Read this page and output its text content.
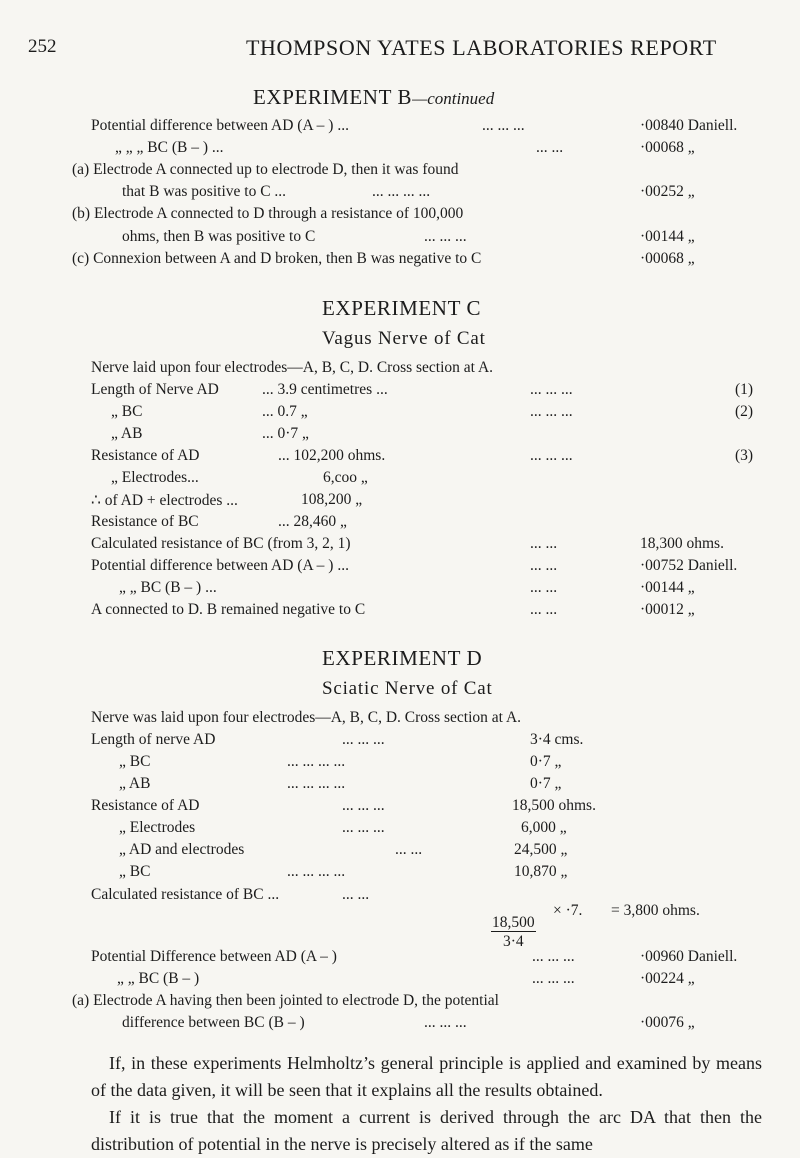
252	THOMPSON YATES LABORATORIES REPORT
EXPERIMENT B—continued
Potential difference between AD (A – ) ...	... ... ...	·00840 Daniell.
„ „ „ BC (B – ) ...	... ...	·00068 „
(a) Electrode A connected up to electrode D, then it was found
that B was positive to C ...	... ... ... ...	·00252 „
(b) Electrode A connected to D through a resistance of 100,000
ohms, then B was positive to C	... ... ...	·00144 „
(c) Connexion between A and D broken, then B was negative to C	·00068 „
EXPERIMENT C
Vagus Nerve of Cat
Nerve laid upon four electrodes—A, B, C, D. Cross section at A.
Length of Nerve AD	... 3.9 centimetres ...	... ... ...	(1)
„ BC	... 0.7 „	... ... ...	(2)
„ AB	... 0·7 „
Resistance of AD	... 102,200 ohms.	... ... ...	(3)
„ Electrodes...	6,coo „
∴ of AD + electrodes ...	108,200 „
Resistance of BC	... 28,460 „
Calculated resistance of BC (from 3, 2, 1)	... ...	18,300 ohms.
Potential difference between AD (A – ) ...	... ...	·00752 Daniell.
„ „ BC (B – ) ...	... ...	·00144 „
A connected to D. B remained negative to C	... ...	·00012 „
EXPERIMENT D
Sciatic Nerve of Cat
Nerve was laid upon four electrodes—A, B, C, D. Cross section at A.
Length of nerve AD	... ... ...	3·4 cms.
„ BC	... ... ... ...	0·7 „
„ AB	... ... ... ...	0·7 „
Resistance of AD	... ... ...	18,500 ohms.
„ Electrodes	... ... ...	6,000 „
„ AD and electrodes	... ...	24,500 „
„ BC	... ... ... ...	10,870 „
Calculated resistance of BC ...	... ...
$\frac{18,500}{3\cdot 4}$
× ·7. = 3,800 ohms.
Potential Difference between AD (A – )	... ... ...	·00960 Daniell.
„ „ BC (B – )	... ... ...	·00224 „
(a) Electrode A having then been jointed to electrode D, the potential
difference between BC (B – )	... ... ...	·00076 „
If, in these experiments Helmholtz’s general principle is applied and examined by means of the data given, it will be seen that it explains all the results obtained.
If it is true that the moment a current is derived through the arc DA that then the distribution of potential in the nerve is precisely altered as if the same
